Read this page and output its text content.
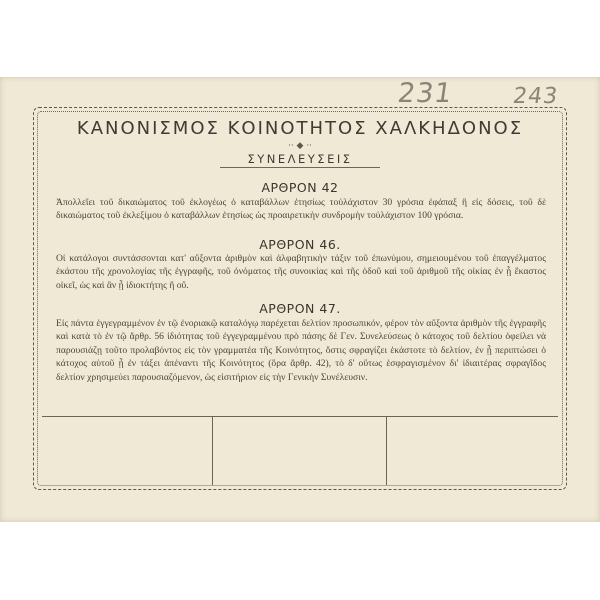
231	243
ΚΑΝΟΝΙΣΜΟΣ ΚΟΙΝΟΤΗΤΟΣ ΧΑΛΚΗΔΟΝΟΣ
·· ◆ ··
ΣΥΝΕΛΕΥΣΕΙΣ
ΑΡΘΡΟΝ 42
Ἀπολλεῖει τοῦ δικαιώματος τοῦ ἐκλογέως ὁ καταβάλλων ἐτησίως τοὐλάχιστον 30 γρόσια ἐφάπαξ ἢ εἰς δόσεις, τοῦ δὲ δικαιώματος τοῦ ἐκλεξίμου ὁ καταβάλλων ἐτησίως ὡς προαιρετικὴν συνδρομὴν τοὐλάχιστον 100 γρόσια.
ΑΡΘΡΟΝ 46.
Οἱ κατάλογοι συντάσσονται κατ' αὔξοντα ἀριθμὸν καὶ ἀλφαβητικὴν τάξιν τοῦ ἐπωνύμου, σημειουμένου τοῦ ἐπαγγέλματος ἑκάστου τῆς χρονολογίας τῆς ἐγγραφῆς, τοῦ ὀνόματος τῆς συνοικίας καὶ τῆς ὁδοῦ καὶ τοῦ ἀριθμοῦ τῆς οἰκίας ἐν ᾗ ἕκαστος οἰκεῖ, ὡς καὶ ἂν ᾖ ἰδιοκτήτης ἢ οὔ.
ΑΡΘΡΟΝ 47.
Εἰς πάντα ἐγγεγραμμένον ἐν τῷ ἐνοριακῷ καταλόγῳ παρέχεται δελτίον προσωπικόν, φέρον τὸν αὔξοντα ἀριθμὸν τῆς ἐγγραφῆς καὶ κατὰ τὸ ἐν τῷ ἄρθρ. 56 ἰδιότητας τοῦ ἐγγεγραμμένου πρὸ πάσης δὲ Γεν. Συνελεύσεως ὁ κάτοχος τοῦ δελτίου ὀφείλει νὰ παρουσιάζῃ τοῦτο προλαβόντος εἰς τὸν γραμματέα τῆς Κοινότητος, ὅστις σφραγίζει ἑκάστοτε τὸ δελτίον, ἐν ᾗ περιπτώσει ὁ κάτοχος αὐτοῦ ᾖ ἐν τάξει ἀπέναντι τῆς Κοινότητος (ὅρα ἄρθρ. 42), τὸ δ' οὕτως ἐσφραγισμένον δι' ἰδιαιτέρας σφραγῖδος δελτίον χρησιμεύει παρουσιαζόμενον, ὡς εἰσιτήριον εἰς τὴν Γενικὴν Συνέλευσιν.
